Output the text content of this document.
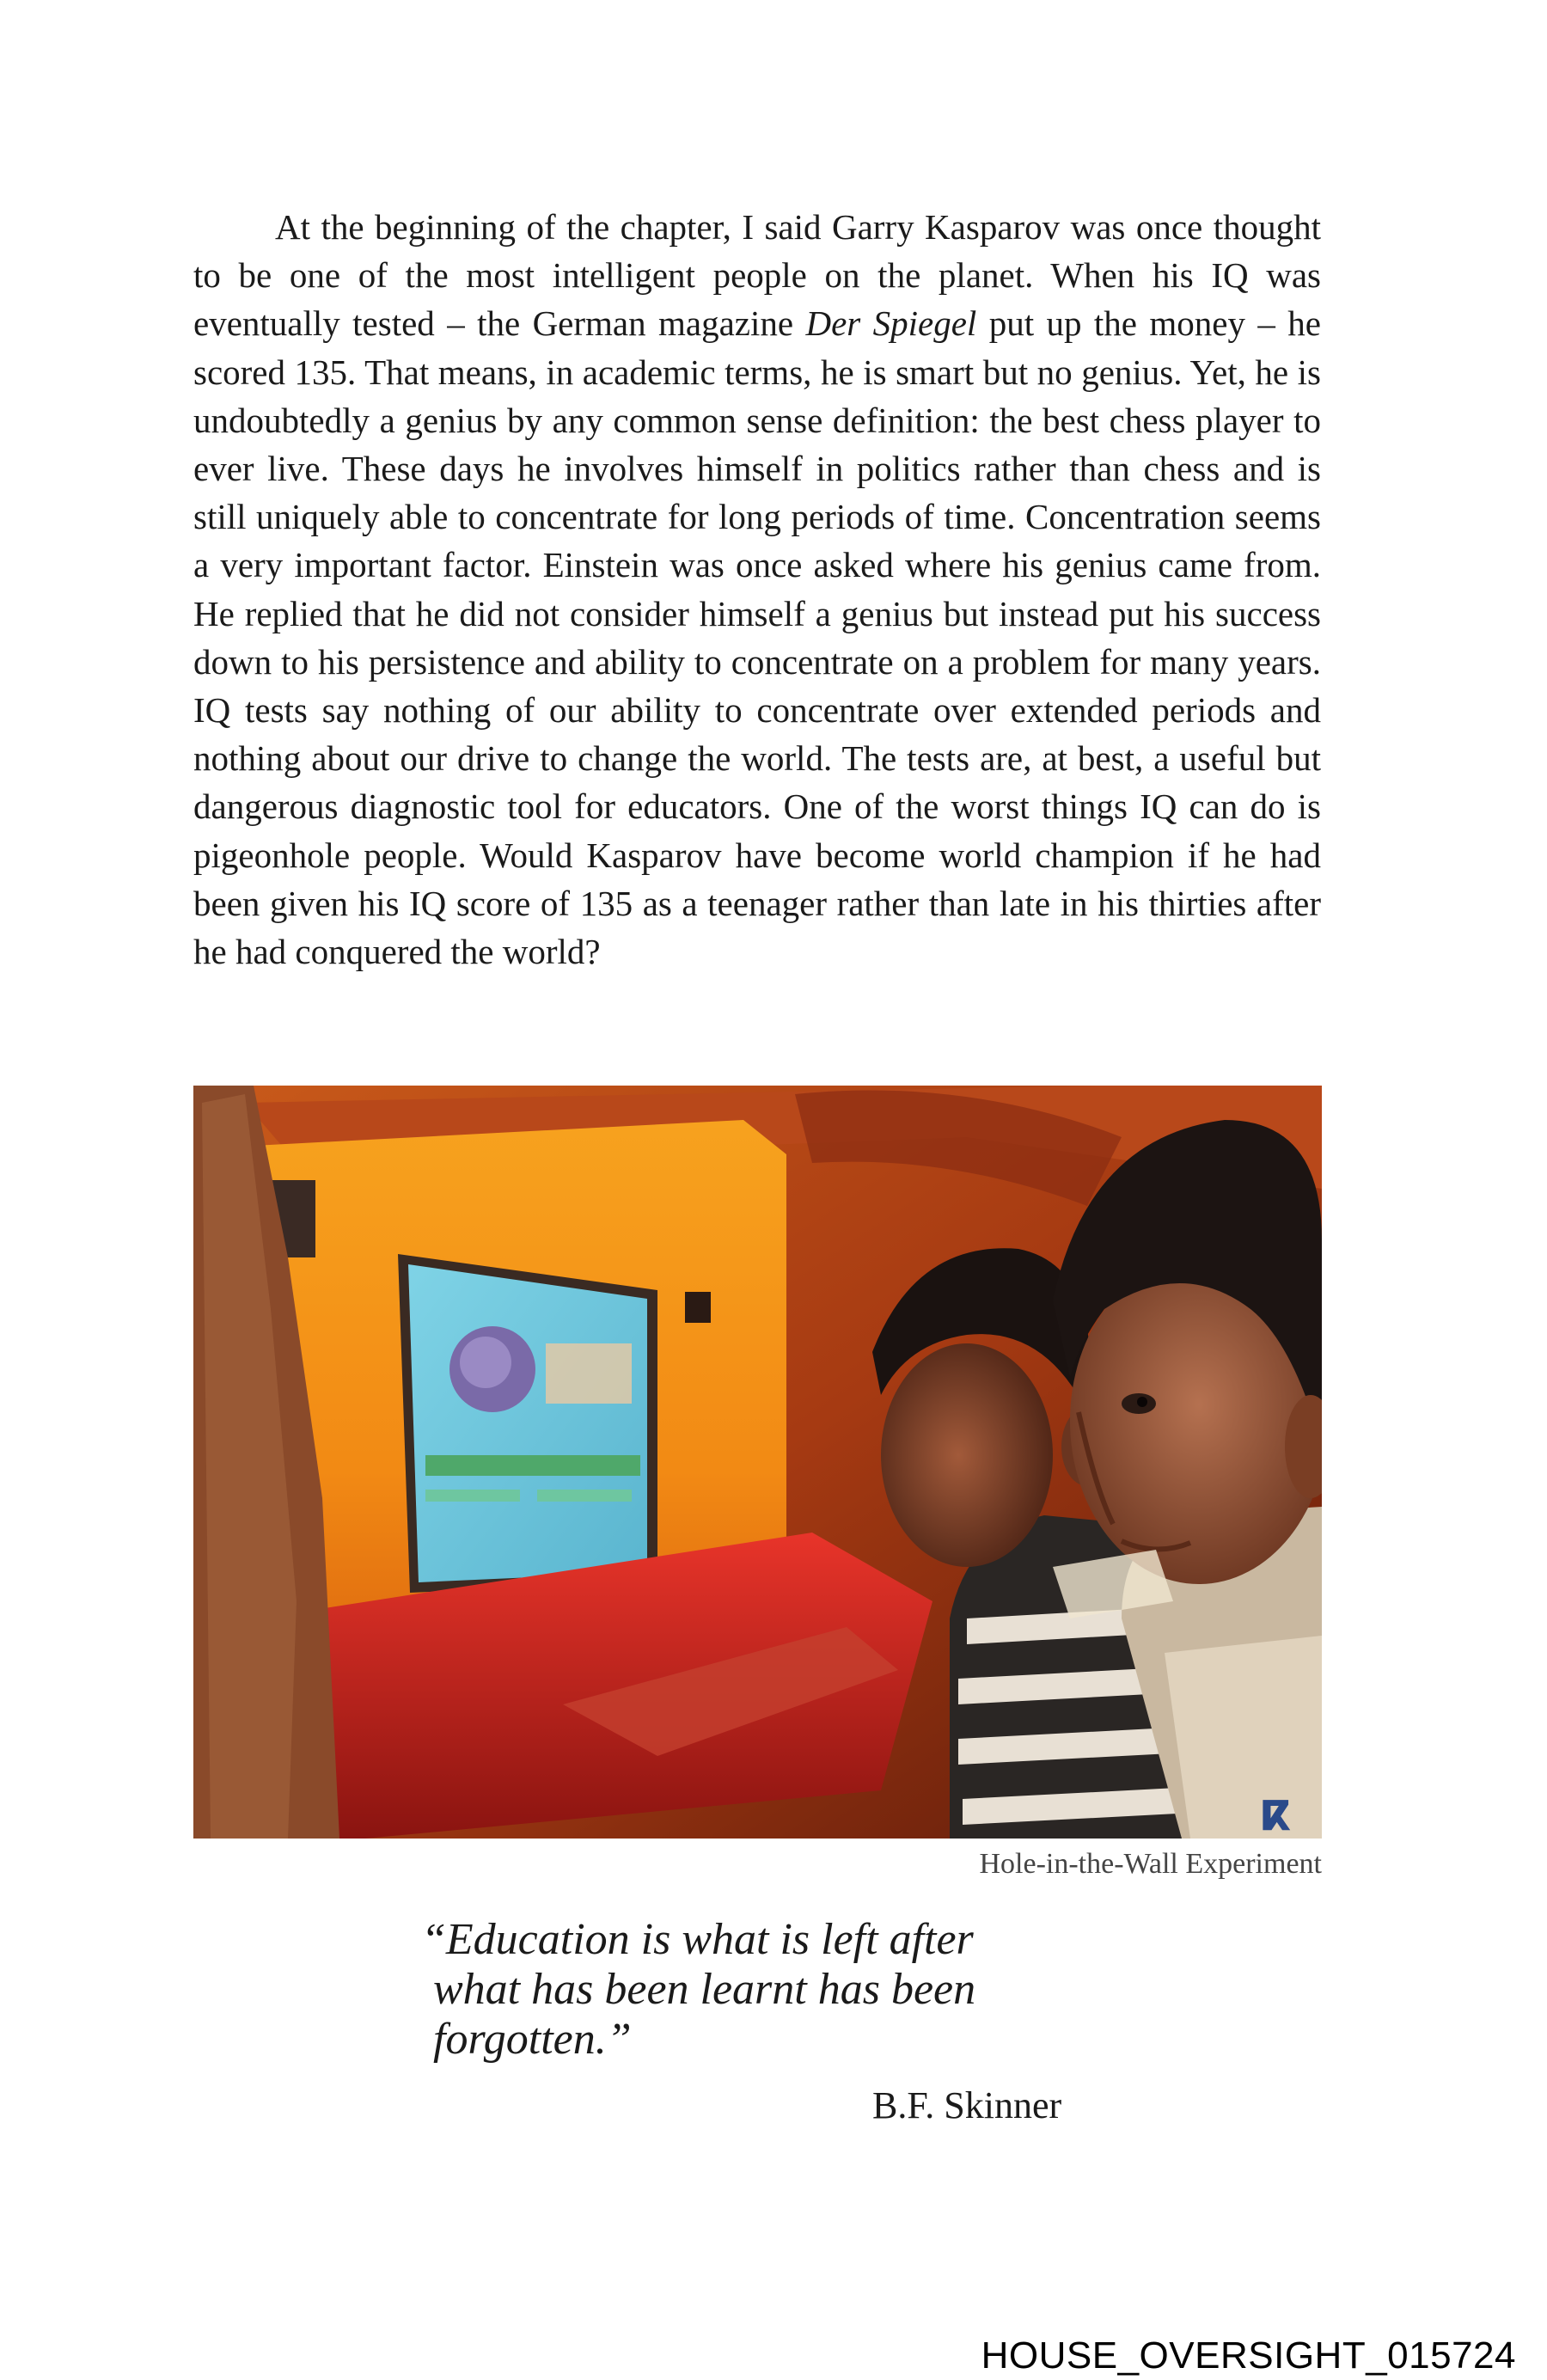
At the beginning of the chapter, I said Garry Kasparov was once thought to be one of the most intelligent people on the planet. When his IQ was eventually tested – the German magazine Der Spiegel put up the money – he scored 135. That means, in academic terms, he is smart but no genius. Yet, he is undoubtedly a genius by any common sense definition: the best chess player to ever live. These days he involves himself in politics rather than chess and is still uniquely able to concentrate for long periods of time. Concentration seems a very important factor. Einstein was once asked where his genius came from. He replied that he did not consider himself a genius but instead put his success down to his persistence and ability to concentrate on a problem for many years. IQ tests say nothing of our ability to concentrate over extended periods and nothing about our drive to change the world. The tests are, at best, a useful but dangerous diagnostic tool for educators. One of the worst things IQ can do is pigeonhole people. Would Kasparov have become world champion if he had been given his IQ score of 135 as a teenager rather than late in his thirties after he had conquered the world?

ⴽ

Hole-in-the-Wall Experiment

“Education is what is left after
what has been learnt has been
forgotten.”

B.F. Skinner

HOUSE_OVERSIGHT_015724
